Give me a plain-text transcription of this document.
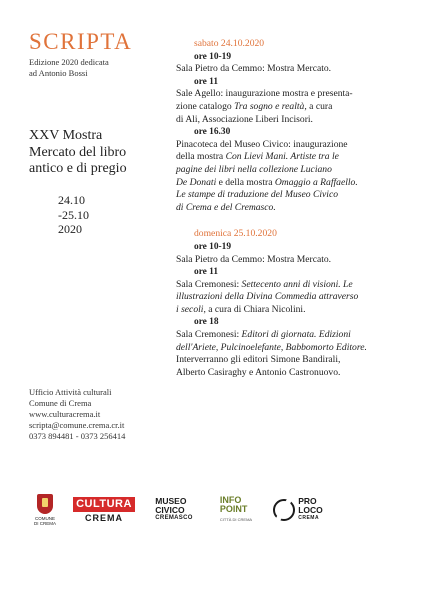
SCRIPTA
Edizione 2020 dedicata
ad Antonio Bossi
XXV Mostra
Mercato del libro
antico e di pregio
24.10
-25.10
2020
Ufficio Attività culturali
Comune di Crema
www.culturacrema.it
scripta@comune.crema.cr.it
0373 894481 - 0373 256414
sabato 24.10.2020
ore 10-19
Sala Pietro da Cemmo: Mostra Mercato.
ore 11
Sale Agello: inaugurazione mostra e presenta-
zione catalogo Tra sogno e realtà, a cura
di Ali, Associazione Liberi Incisori.
ore 16.30
Pinacoteca del Museo Civico: inaugurazione
della mostra Con Lievi Mani. Artiste tra le
pagine dei libri nella collezione Luciano
De Donati e della mostra Omaggio a Raffaello.
Le stampe di traduzione del Museo Civico
di Crema e del Cremasco.
domenica 25.10.2020
ore 10-19
Sala Pietro da Cemmo: Mostra Mercato.
ore 11
Sala Cremonesi: Settecento anni di visioni. Le
illustrazioni della Divina Commedia attraverso
i secoli, a cura di Chiara Nicolini.
ore 18
Sala Cremonesi: Editori di giornata. Edizioni
dell'Ariete, Pulcinoelefante, Babbomorto Editore.
Interverranno gli editori Simone Bandirali,
Alberto Casiraghy e Antonio Castronuovo.
COMUNE
DI CREMA
CULTURA
CREMA
MUSEO
CIVICO
CREMASCO
INFO
POINT
CITTÀ DI CREMA
PRO
LOCO
CREMA
